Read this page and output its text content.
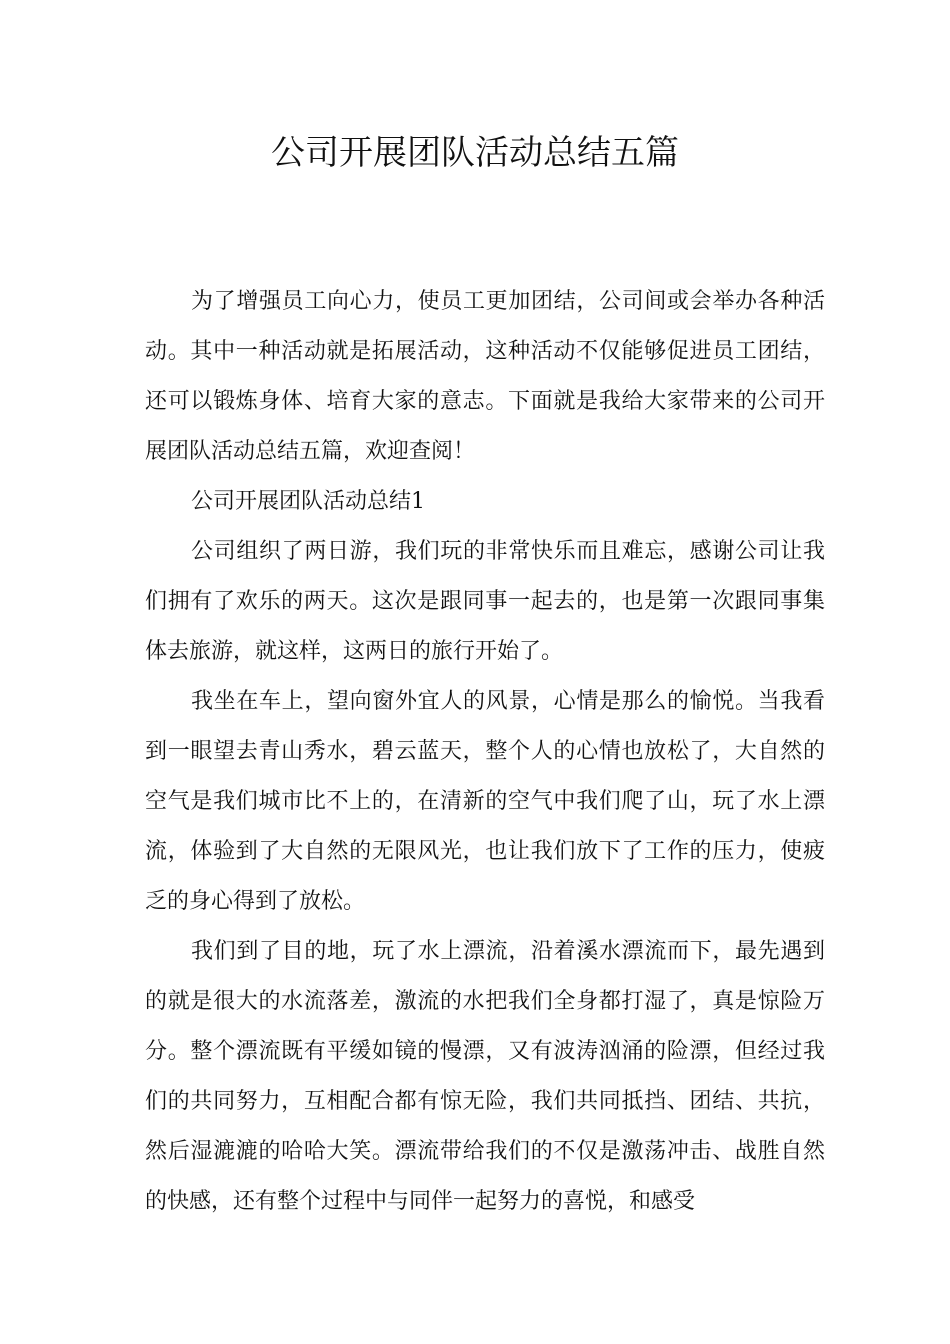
公司开展团队活动总结五篇

为了增强员工向心力，使员工更加团结，公司间或会举办各种活动。其中一种活动就是拓展活动，这种活动不仅能够促进员工团结，还可以锻炼身体、培育大家的意志。下面就是我给大家带来的公司开展团队活动总结五篇，欢迎查阅！

公司开展团队活动总结1

公司组织了两日游，我们玩的非常快乐而且难忘，感谢公司让我们拥有了欢乐的两天。这次是跟同事一起去的，也是第一次跟同事集体去旅游，就这样，这两日的旅行开始了。

我坐在车上，望向窗外宜人的风景，心情是那么的愉悦。当我看到一眼望去青山秀水，碧云蓝天，整个人的心情也放松了，大自然的空气是我们城市比不上的，在清新的空气中我们爬了山，玩了水上漂流，体验到了大自然的无限风光，也让我们放下了工作的压力，使疲乏的身心得到了放松。

我们到了目的地，玩了水上漂流，沿着溪水漂流而下，最先遇到的就是很大的水流落差，激流的水把我们全身都打湿了，真是惊险万分。整个漂流既有平缓如镜的慢漂，又有波涛汹涌的险漂，但经过我们的共同努力，互相配合都有惊无险，我们共同抵挡、团结、共抗，然后湿漉漉的哈哈大笑。漂流带给我们的不仅是激荡冲击、战胜自然的快感，还有整个过程中与同伴一起努力的喜悦，和感受
